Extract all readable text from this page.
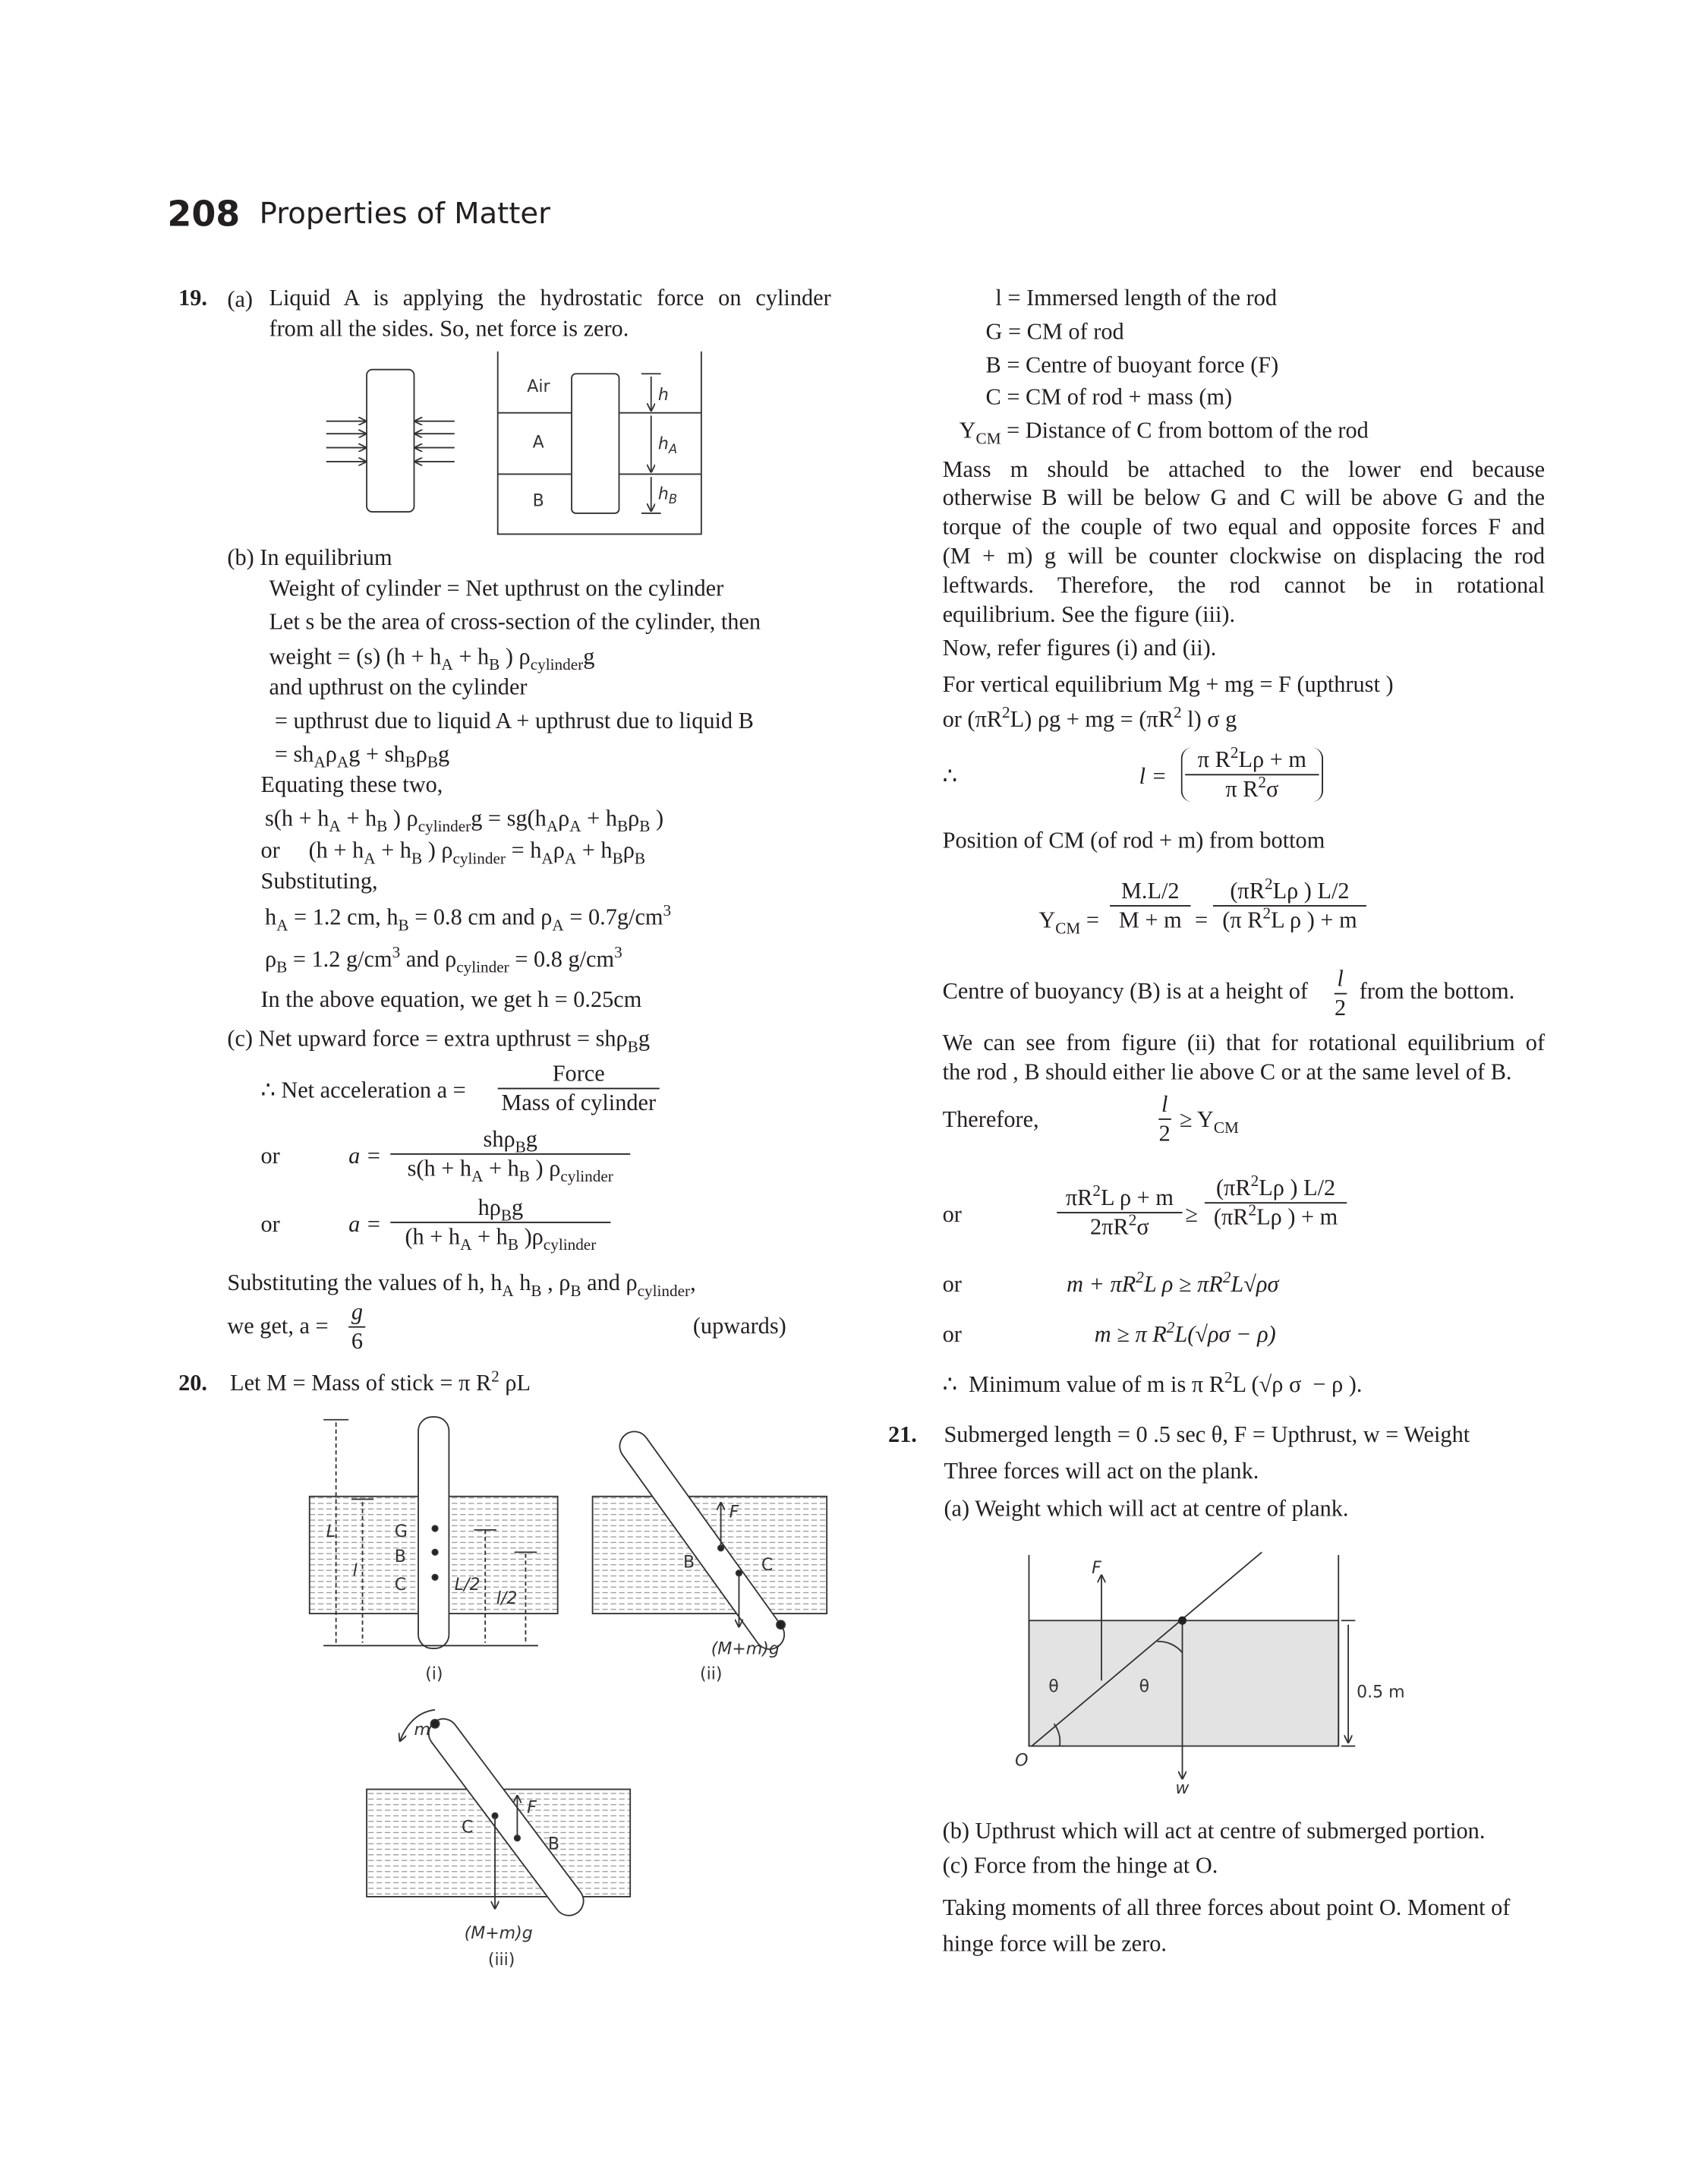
208 Properties of Matter
19. (a) Liquid A is applying the hydrostatic force on cylinder
from all the sides. So, net force is zero.
Air
A
B
h
$h_A$
$h_B$
(b) In equilibrium
Weight of cylinder = Net upthrust on the cylinder
Let s be the area of cross-section of the cylinder, then
weight = (s) ($h + h_A + h_B$ ) $\rho_{cylinder}g$
and upthrust on the cylinder
= upthrust due to liquid A + upthrust due to liquid B
= $sh_A\rho_Ag + sh_B\rho_Bg$
Equating these two,
$s(h + h_A + h_B$ ) $\rho_{cylinder}g = sg(h_A\rho_A + h_B\rho_B$ )
or     ($h + h_A + h_B$ ) $\rho_{cylinder} = h_A\rho_A + h_B\rho_B$
Substituting,
$h_A = 1.2$ cm, $h_B = 0.8$ cm and $\rho_A = 0.7g/cm^3$
$\rho_B = 1.2$ $g/cm^3$ and $\rho_{cylinder} = 0.8$ $g/cm^3$
In the above equation, we get h = 0.25cm
(c) Net upward force = extra upthrust = shρ$_B$g
∴ Net acceleration a =
Force
Mass of cylinder
or	a =
shρ$_B$g
$s(h + h_A + h_B$ ) $\rho_{cylinder}$
or	a =
$h\rho_Bg$
($h + h_A + h_B$ )$\rho_{cylinder}$
Substituting the values of h, $h_A$ $h_B$ , $\rho_B$ and $\rho_{cylinder}$,
we get, $a = \frac{g}{6}$	(upwards)
20. Let M = Mass of stick = π $R^2$ ρL
G
B
C
L
l
L/2
l/2
(i)
F
B	C
(M+m)g
(ii)
m
C
F
B
(M+m)g
(iii)
l = Immersed length of the rod
G = CM of rod
B = Centre of buoyant force (F)
C = CM of rod + mass (m)
$Y_{CM}$ = Distance of C from bottom of the rod
Mass m should be attached to the lower end because
otherwise B will be below G and C will be above G and the
torque of the couple of two equal and opposite forces F and
(M + m) g will be counter clockwise on displacing the rod
leftwards. Therefore, the rod cannot be in rotational
equilibrium. See the figure (iii).
Now, refer figures (i) and (ii).
For vertical equilibrium Mg + mg = F (upthrust )
or $(\pi R^2L) \rho g$ + mg = ($\pi R^2$ l) σ g
∴	$l = \frac{\pi R^2L\rho + m}{\pi R^2\sigma}$
Position of CM (of rod + m) from bottom
$Y_{CM} = \frac{M.L/2}{M + m} = \frac{(\pi R^2L\rho ) L/2}{(\pi R^2L \rho ) + m}$
Centre of buoyancy (B) is at a height of $\frac{l}{2}$ from the bottom.
We can see from figure (ii) that for rotational equilibrium of
the rod , B should either lie above C or at the same level of B.
Therefore,	$\frac{l}{2} \ge Y_{CM}$
or	$\frac{\pi R^2L \rho + m}{2\pi R^2\sigma} \ge \frac{(\pi R^2L\rho ) L/2}{(\pi R^2L\rho ) + m}$
or	$m + \pi R^2L$ $\rho \ge \pi R^2L√\rho\sigma$
or	m ≥ π $R^2L(√\rho\sigma - \rho)$
∴  Minimum value of m is π $R^2L$ (√ρ σ  − ρ ).
21. Submerged length = 0 .5 sec θ, F = Upthrust, w = Weight
Three forces will act on the plank.
(a) Weight which will act at centre of plank.
F
θ	θ	0.5 m
O
w
(b) Upthrust which will act at centre of submerged portion.
(c) Force from the hinge at O.
Taking moments of all three forces about point O. Moment of
hinge force will be zero.
